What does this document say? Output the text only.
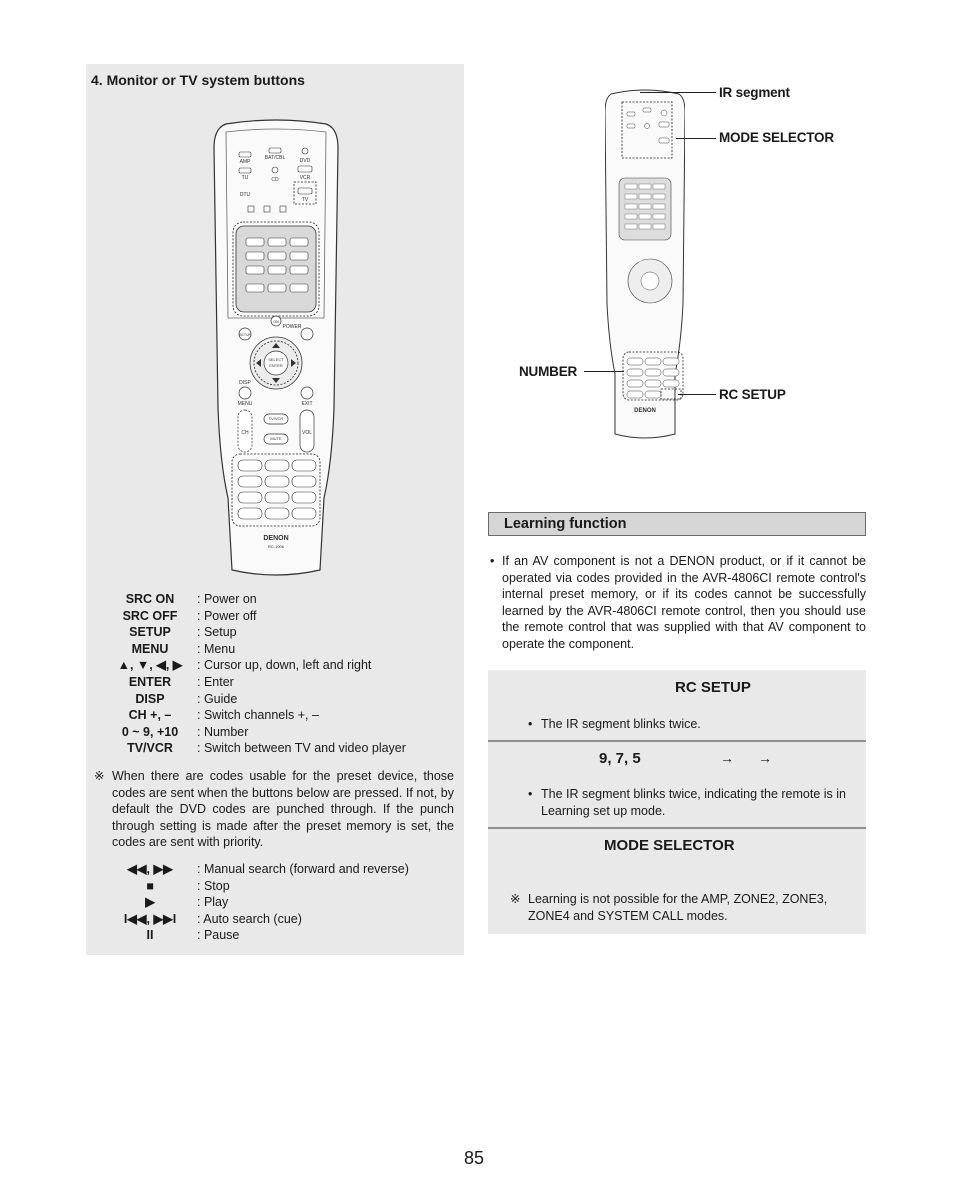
4. Monitor or TV system buttons
AMP
BAT/CBL	DVD
TU	CD	VCR
DTU
TV
ON
POWER
SETUP
SELECT
ENTER
MENU	EXIT
DISP
TV/VCR
MUTE
CH	VOL
DENON
RC-1006
SRC ON	: Power on
SRC OFF	: Power off
SETUP	: Setup
MENU	: Menu
▲, ▼, ◀, ▶	: Cursor up, down, left and right
ENTER	: Enter
DISP	: Guide
CH +, –	: Switch channels +, –
0 ~ 9, +10	: Number
TV/VCR	: Switch between TV and video player
※ When there are codes usable for the preset device, those codes are sent when the buttons below are pressed. If not, by default the DVD codes are punched through. If the punch through setting is made after the preset memory is set, the codes are sent with priority.
◀◀, ▶▶	: Manual search (forward and reverse)
■	: Stop
▶	: Play
I◀◀, ▶▶I	: Auto search (cue)
II	: Pause
DENON
IR segment
MODE SELECTOR
NUMBER
RC SETUP
Learning function
• If an AV component is not a DENON product, or if it cannot be operated via codes provided in the AVR-4806CI remote control's internal preset memory, or if its codes cannot be successfully learned by the AVR-4806CI remote control, then you should use the remote control that was supplied with that AV component to operate the component.
RC SETUP
• The IR segment blinks twice.
9, 7, 5	→ →
• The IR segment blinks twice, indicating the remote is in Learning set up mode.
MODE SELECTOR
※ Learning is not possible for the AMP, ZONE2, ZONE3, ZONE4 and SYSTEM CALL modes.
85
